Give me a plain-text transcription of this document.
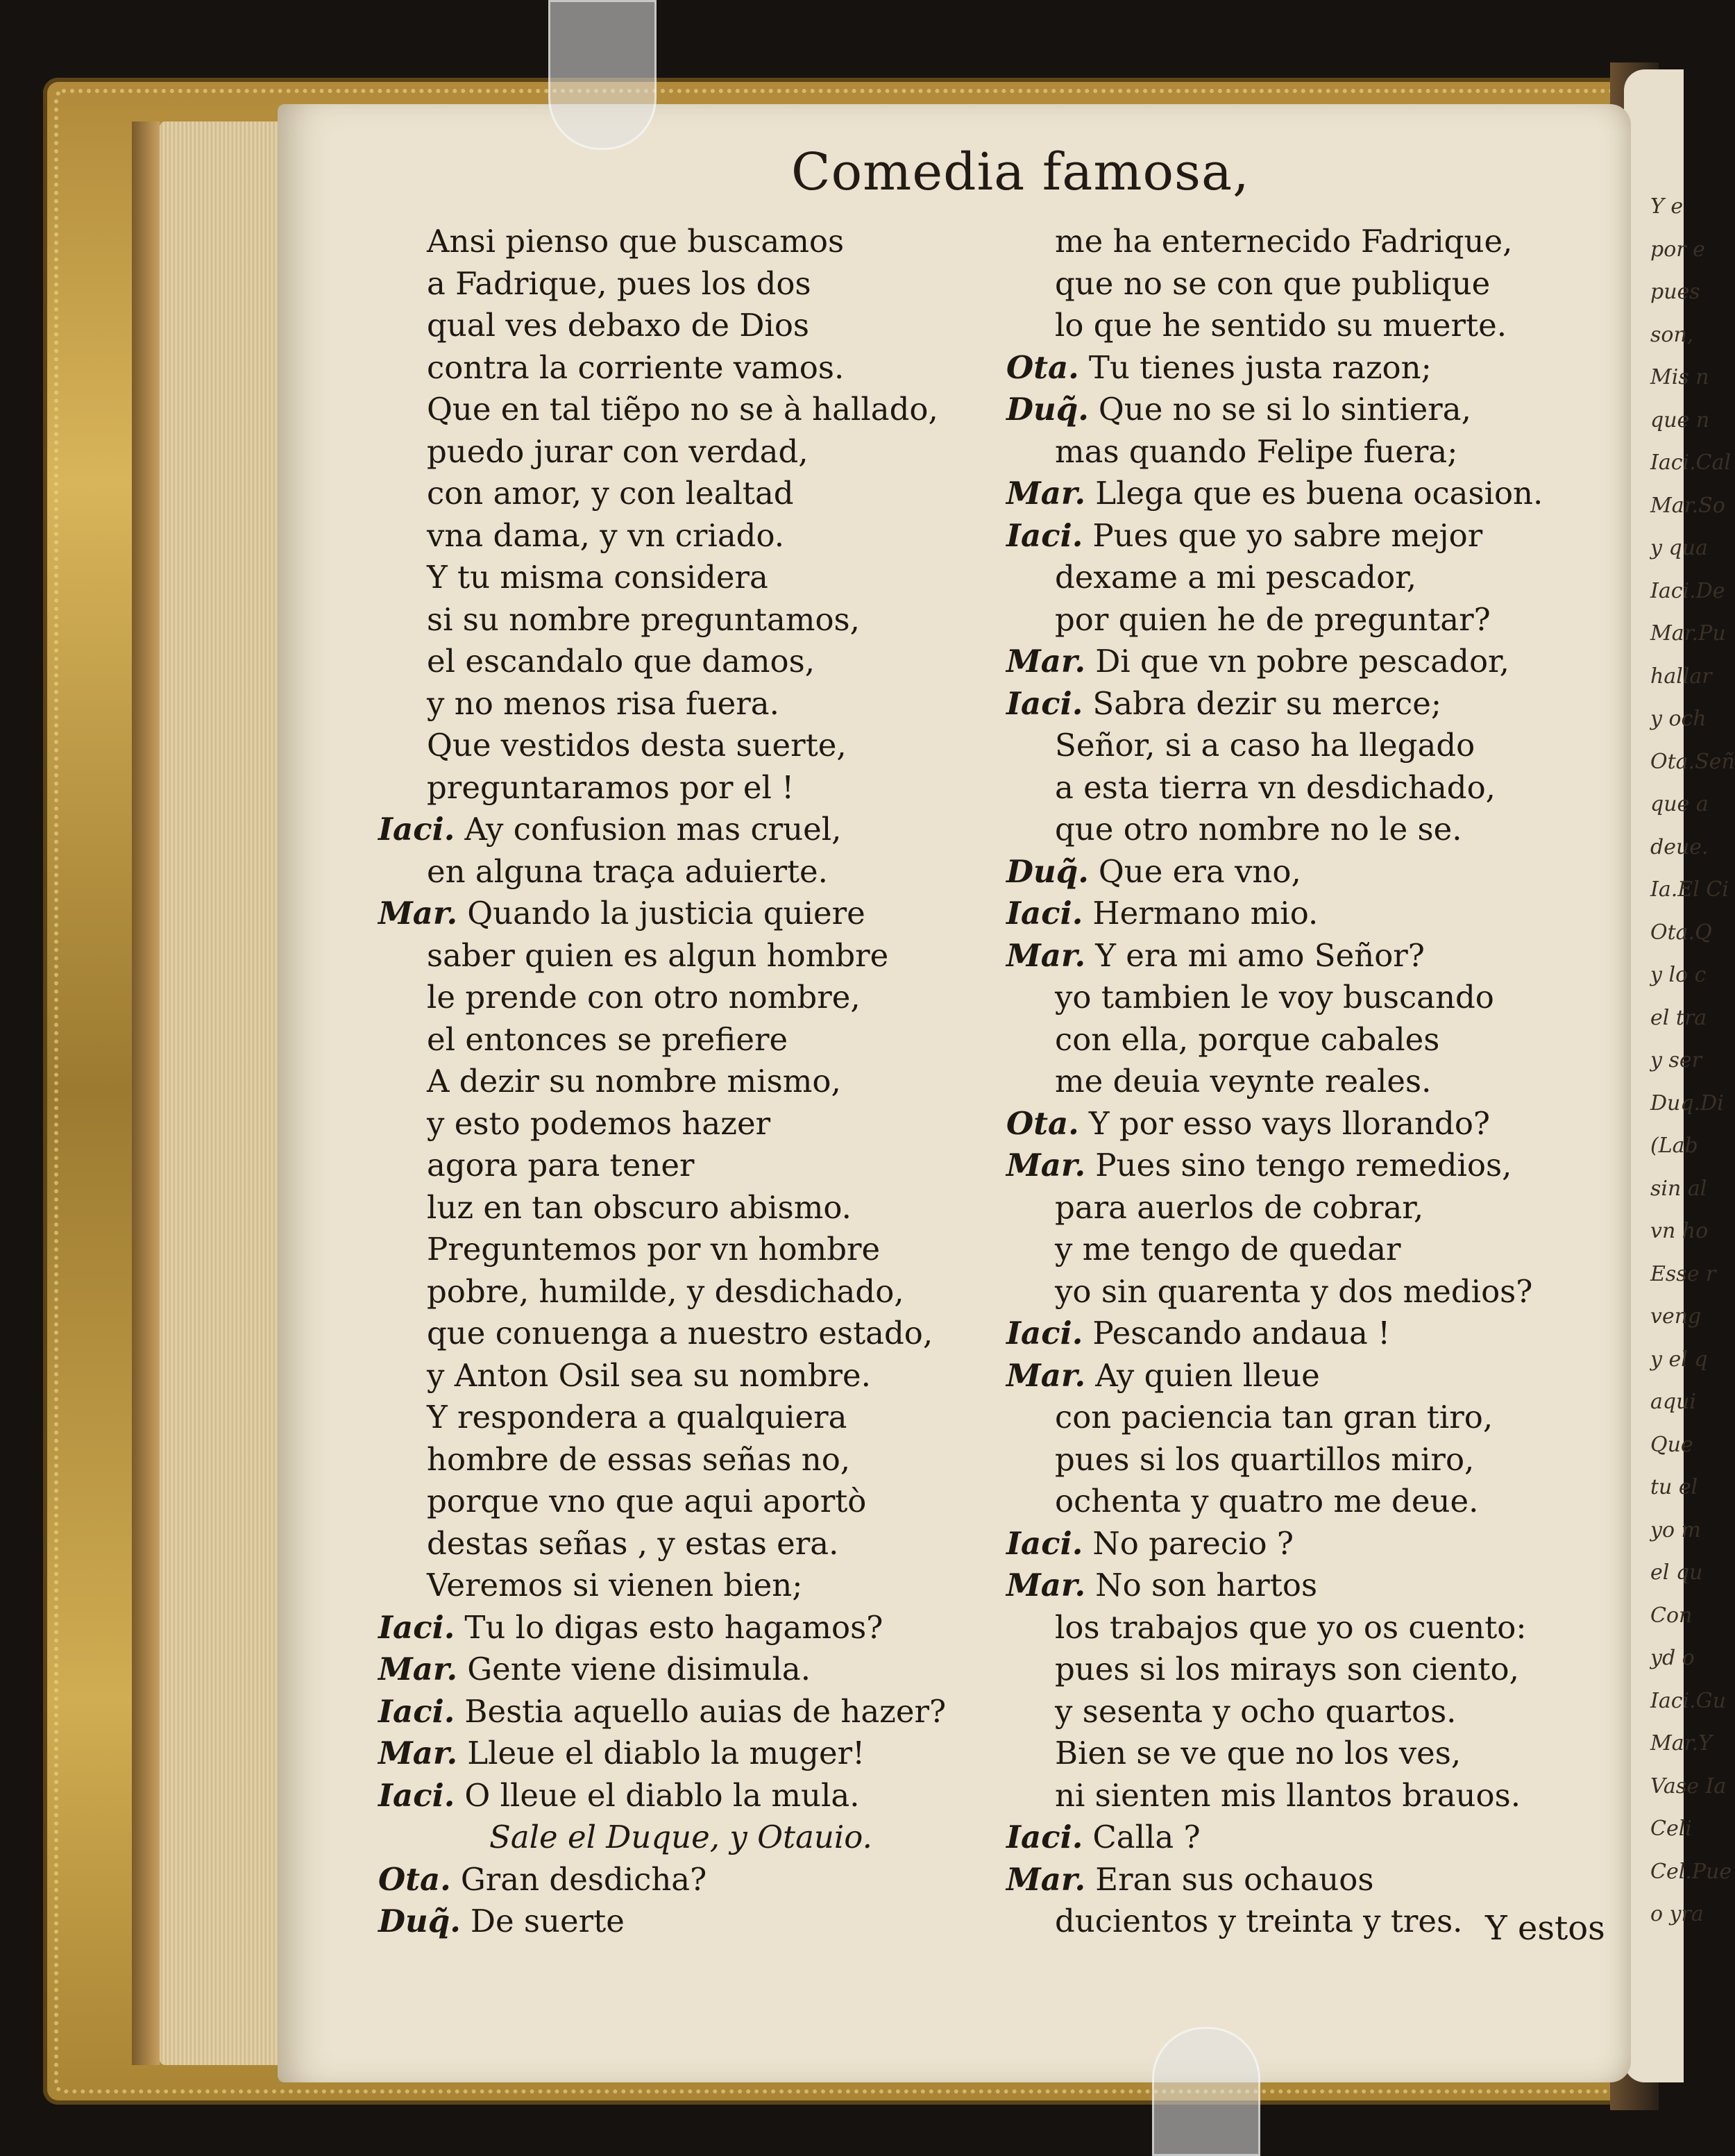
Y e
por e
pues
son,
Mis n
que n
Iaci.Cal
Mar.So
y qua
Iaci.De
Mar.Pu
hallar
y och
Ota.Señ
que a
deue.
Ia.El Ci
Ota.Q
y lo c
el tra
y ser
Duq.Di
(Lab
sin al
vn ho
Esse r
veng
y el q
aqui
Que
tu el
yo m
el qu
Con
yd o
Iaci.Gu
Mar.Y
Vase Ia
Celi
Cel.Pue
o yra
Comedia famosa,
Ansi pienso que buscamos
a Fadrique, pues los dos
qual ves debaxo de Dios
contra la corriente vamos.
Que en tal tiẽpo no se à hallado,
puedo jurar con verdad,
con amor, y con lealtad
vna dama, y vn criado.
Y tu misma considera
si su nombre preguntamos,
el escandalo que damos,
y no menos risa fuera.
Que vestidos desta suerte,
preguntaramos por el !
Iaci. Ay confusion mas cruel,
en alguna traça aduierte.
Mar. Quando la justicia quiere
saber quien es algun hombre
le prende con otro nombre,
el entonces se prefiere
A dezir su nombre mismo,
y esto podemos hazer
agora para tener
luz en tan obscuro abismo.
Preguntemos por vn hombre
pobre, humilde, y desdichado,
que conuenga a nuestro estado,
y Anton Osil sea su nombre.
Y respondera a qualquiera
hombre de essas señas no,
porque vno que aqui aportò
destas señas , y estas era.
Veremos si vienen bien;
Iaci. Tu lo digas esto hagamos?
Mar. Gente viene disimula.
Iaci. Bestia aquello auias de hazer?
Mar. Lleue el diablo la muger!
Iaci. O lleue el diablo la mula.
Sale el Duque, y Otauio.
Ota. Gran desdicha?
Duq̃. De suerte
me ha enternecido Fadrique,
que no se con que publique
lo que he sentido su muerte.
Ota. Tu tienes justa razon;
Duq̃. Que no se si lo sintiera,
mas quando Felipe fuera;
Mar. Llega que es buena ocasion.
Iaci. Pues que yo sabre mejor
dexame a mi pescador,
por quien he de preguntar?
Mar. Di que vn pobre pescador,
Iaci. Sabra dezir su merce;
Señor, si a caso ha llegado
a esta tierra vn desdichado,
que otro nombre no le se.
Duq̃. Que era vno,
Iaci. Hermano mio.
Mar. Y era mi amo Señor?
yo tambien le voy buscando
con ella, porque cabales
me deuia veynte reales.
Ota. Y por esso vays llorando?
Mar. Pues sino tengo remedios,
para auerlos de cobrar,
y me tengo de quedar
yo sin quarenta y dos medios?
Iaci. Pescando andaua !
Mar. Ay quien lleue
con paciencia tan gran tiro,
pues si los quartillos miro,
ochenta y quatro me deue.
Iaci. No parecio ?
Mar. No son hartos
los trabajos que yo os cuento:
pues si los mirays son ciento,
y sesenta y ocho quartos.
Bien se ve que no los ves,
ni sienten mis llantos brauos.
Iaci. Calla ?
Mar. Eran sus ochauos
ducientos y treinta y tres. Y estos
